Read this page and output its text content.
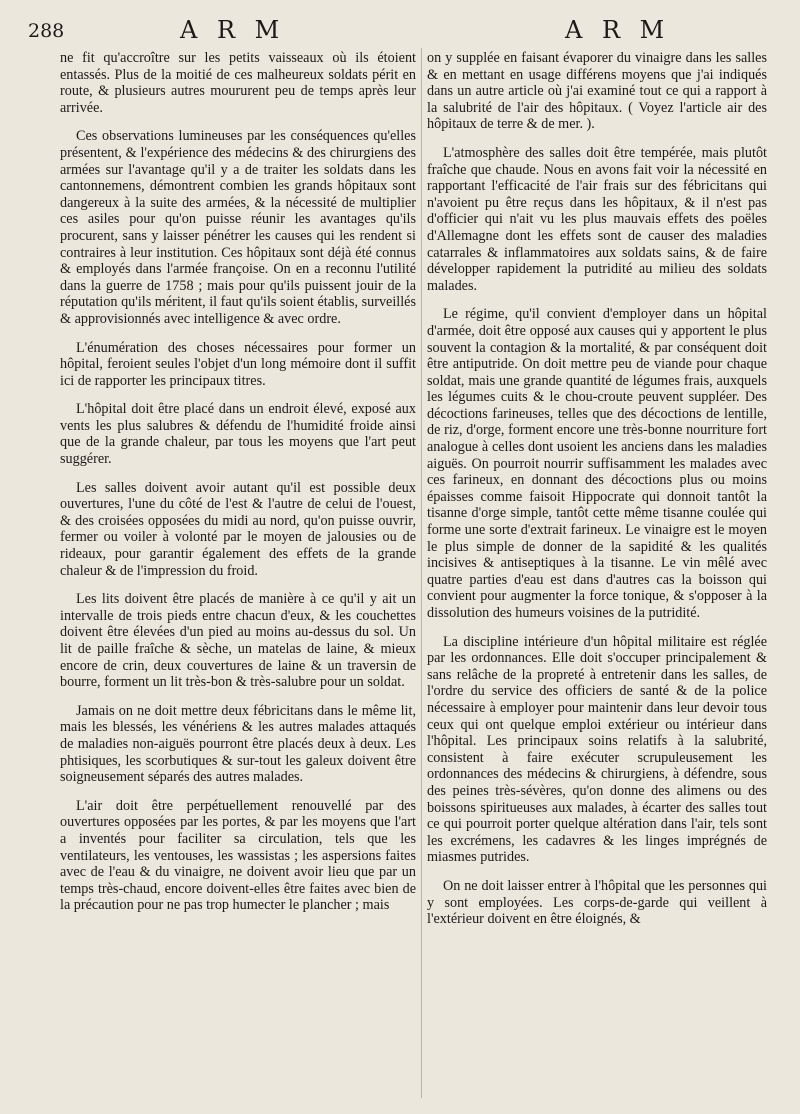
288	A R M	A R M

ne fit qu'accroître sur les petits vaisseaux où ils étoient entassés. Plus de la moitié de ces malheureux soldats périt en route, & plusieurs autres moururent peu de temps après leur arrivée.

Ces observations lumineuses par les conséquences qu'elles présentent, & l'expérience des médecins & des chirurgiens des armées sur l'avantage qu'il y a de traiter les soldats dans les cantonnemens, démontrent combien les grands hôpitaux sont dangereux à la suite des armées, & la nécessité de multiplier ces asiles pour qu'on puisse réunir les avantages qu'ils procurent, sans y laisser pénétrer les causes qui les rendent si contraires à leur institution. Ces hôpitaux sont déjà été connus & employés dans l'armée françoise. On en a reconnu l'utilité dans la guerre de 1758 ; mais pour qu'ils puissent jouir de la réputation qu'ils méritent, il faut qu'ils soient établis, surveillés & approvisionnés avec intelligence & avec ordre.

L'énumération des choses nécessaires pour former un hôpital, feroient seules l'objet d'un long mémoire dont il suffit ici de rapporter les principaux titres.

L'hôpital doit être placé dans un endroit élevé, exposé aux vents les plus salubres & défendu de l'humidité froide ainsi que de la grande chaleur, par tous les moyens que l'art peut suggérer.

Les salles doivent avoir autant qu'il est possible deux ouvertures, l'une du côté de l'est & l'autre de celui de l'ouest, & des croisées opposées du midi au nord, qu'on puisse ouvrir, fermer ou voiler à volonté par le moyen de jalousies ou de rideaux, pour garantir également des effets de la grande chaleur & de l'impression du froid.

Les lits doivent être placés de manière à ce qu'il y ait un intervalle de trois pieds entre chacun d'eux, & les couchettes doivent être élevées d'un pied au moins au-dessus du sol. Un lit de paille fraîche & sèche, un matelas de laine, & mieux encore de crin, deux couvertures de laine & un traversin de bourre, forment un lit très-bon & très-salubre pour un soldat.

Jamais on ne doit mettre deux fébricitans dans le même lit, mais les blessés, les vénériens & les autres malades attaqués de maladies non-aiguës pourront être placés deux à deux. Les phtisiques, les scorbutiques & sur-tout les galeux doivent être soigneusement séparés des autres malades.

L'air doit être perpétuellement renouvellé par des ouvertures opposées par les portes, & par les moyens que l'art a inventés pour faciliter sa circulation, tels que les ventilateurs, les ventouses, les wassistas ; les aspersions faites avec de l'eau & du vinaigre, ne doivent avoir lieu que par un temps très-chaud, encore doivent-elles être faites avec bien de la précaution pour ne pas trop humecter le plancher ; mais

on y supplée en faisant évaporer du vinaigre dans les salles & en mettant en usage différens moyens que j'ai indiqués dans un autre article où j'ai examiné tout ce qui a rapport à la salubrité de l'air des hôpitaux. ( Voyez l'article air des hôpitaux de terre & de mer. ).

L'atmosphère des salles doit être tempérée, mais plutôt fraîche que chaude. Nous en avons fait voir la nécessité en rapportant l'efficacité de l'air frais sur des fébricitans qui n'avoient pu être reçus dans les hôpitaux, & il n'est pas d'officier qui n'ait vu les plus mauvais effets des poëles d'Allemagne dont les effets sont de causer des maladies catarrales & inflammatoires aux soldats sains, & de faire développer rapidement la putridité au milieu des soldats malades.

Le régime, qu'il convient d'employer dans un hôpital d'armée, doit être opposé aux causes qui y apportent le plus souvent la contagion & la mortalité, & par conséquent doit être antiputride. On doit mettre peu de viande pour chaque soldat, mais une grande quantité de légumes frais, auxquels les légumes cuits & le chou-croute peuvent suppléer. Des décoctions farineuses, telles que des décoctions de lentille, de riz, d'orge, forment encore une très-bonne nourriture fort analogue à celles dont usoient les anciens dans les maladies aiguës. On pourroit nourrir suffisamment les malades avec ces farineux, en donnant des décoctions plus ou moins épaisses comme faisoit Hippocrate qui donnoit tantôt la tisanne d'orge simple, tantôt cette même tisanne coulée qui forme une sorte d'extrait farineux. Le vinaigre est le moyen le plus simple de donner de la sapidité & les qualités incisives & antiseptiques à la tisanne. Le vin mêlé avec quatre parties d'eau est dans d'autres cas la boisson qui convient pour augmenter la force tonique, & s'opposer à la dissolution des humeurs voisines de la putridité.

La discipline intérieure d'un hôpital militaire est réglée par les ordonnances. Elle doit s'occuper principalement & sans relâche de la propreté à entretenir dans les salles, de l'ordre du service des officiers de santé & de la police nécessaire à employer pour maintenir dans leur devoir tous ceux qui ont quelque emploi extérieur ou intérieur dans l'hôpital. Les principaux soins relatifs à la salubrité, consistent à faire exécuter scrupuleusement les ordonnances des médecins & chirurgiens, à défendre, sous des peines très-sévères, qu'on donne des alimens ou des boissons spiritueuses aux malades, à écarter des salles tout ce qui pourroit porter quelque altération dans l'air, tels sont les excrémens, les cadavres & les linges imprégnés de miasmes putrides.

On ne doit laisser entrer à l'hôpital que les personnes qui y sont employées. Les corps-de-garde qui veillent à l'extérieur doivent en être éloignés, &
